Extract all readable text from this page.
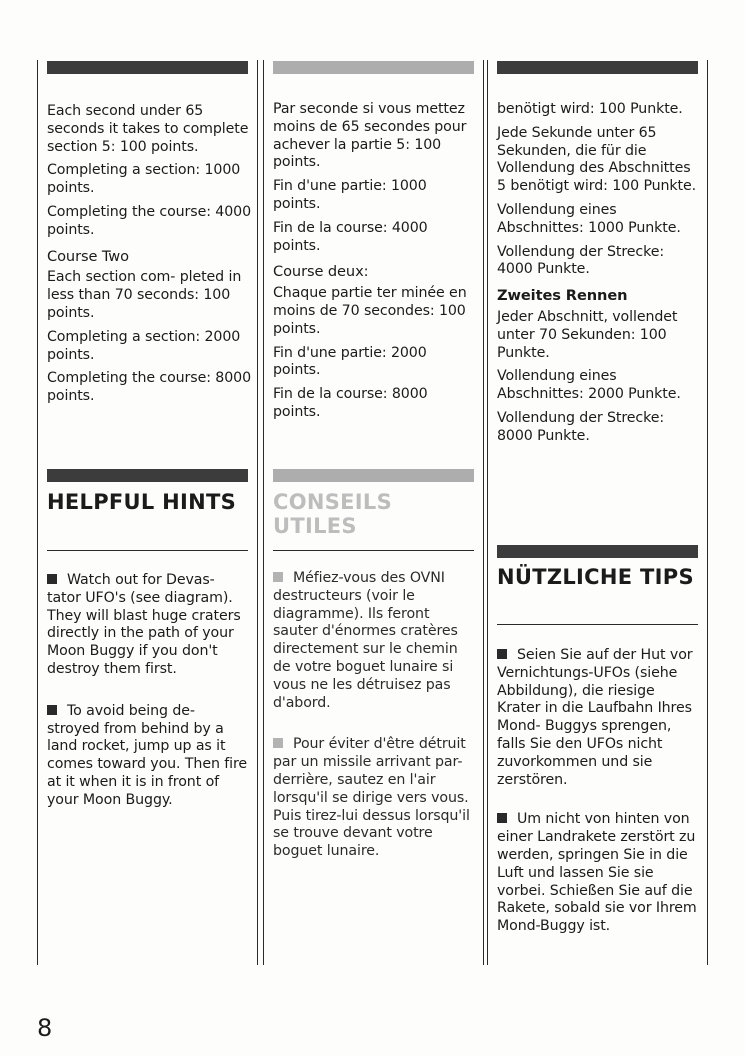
Each second under 65 seconds it takes to complete section 5: 100 points.

Completing a section: 1000 points.

Completing the course: 4000 points.

Course Two

Each section com- pleted in less than 70 seconds: 100 points.

Completing a section: 2000 points.

Completing the course: 8000 points.

HELPFUL HINTS

Watch out for Devas- tator UFO's (see diagram). They will blast huge craters directly in the path of your Moon Buggy if you don't destroy them first.

To avoid being de- stroyed from behind by a land rocket, jump up as it comes toward you. Then fire at it when it is in front of your Moon Buggy.

Par seconde si vous mettez moins de 65 secondes pour achever la partie 5: 100 points.

Fin d'une partie: 1000 points.

Fin de la course: 4000 points.

Course deux:

Chaque partie ter minée en moins de 70 secondes: 100 points.

Fin d'une partie: 2000 points.

Fin de la course: 8000 points.

CONSEILS
UTILES

Méfiez-vous des OVNI destructeurs (voir le diagramme). Ils feront sauter d'énormes cratères directement sur le chemin de votre boguet lunaire si vous ne les détruisez pas d'abord.

Pour éviter d'être détruit par un missile arrivant par-derrière, sautez en l'air lorsqu'il se dirige vers vous. Puis tirez-lui dessus lorsqu'il se trouve devant votre boguet lunaire.

benötigt wird: 100 Punkte.

Jede Sekunde unter 65 Sekunden, die für die Vollendung des Abschnittes 5 benötigt wird: 100 Punkte.

Vollendung eines Abschnittes: 1000 Punkte.

Vollendung der Strecke: 4000 Punkte.

Zweites Rennen

Jeder Abschnitt, vollendet unter 70 Sekunden: 100 Punkte.

Vollendung eines Abschnittes: 2000 Punkte.

Vollendung der Strecke: 8000 Punkte.

NÜTZLICHE TIPS

Seien Sie auf der Hut vor Vernichtungs-UFOs (siehe Abbildung), die riesige Krater in die Laufbahn Ihres Mond- Buggys sprengen, falls Sie den UFOs nicht zuvorkommen und sie zerstören.

Um nicht von hinten von einer Landrakete zerstört zu werden, springen Sie in die Luft und lassen Sie sie vorbei. Schießen Sie auf die Rakete, sobald sie vor Ihrem Mond-Buggy ist.

8
